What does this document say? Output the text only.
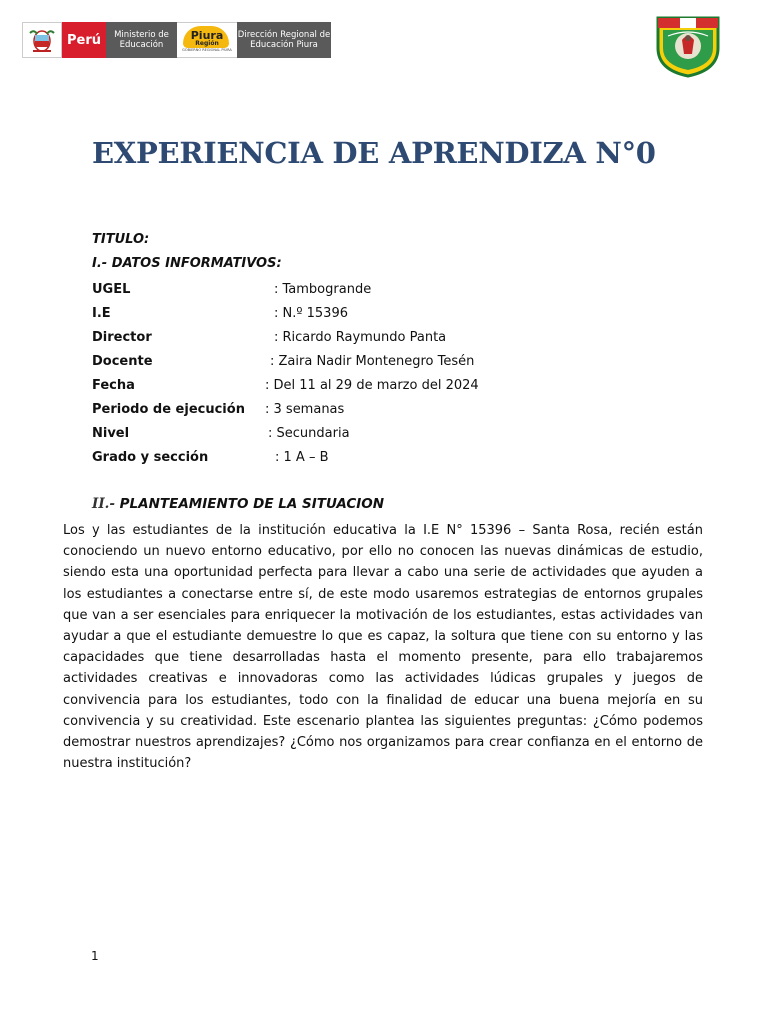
Perú	Ministerio de Educación
Piura
Región
GOBIERNO REGIONAL PIURA
Dirección Regional de Educación Piura
EXPERIENCIA DE APRENDIZA N°0
TITULO:
I.- DATOS INFORMATIVOS:
UGEL	: Tambogrande
I.E	: N.º 15396
Director	: Ricardo Raymundo Panta
Docente	: Zaira Nadir Montenegro Tesén
Fecha	: Del 11 al 29 de marzo del 2024
Periodo de ejecución : 3 semanas
Nivel	: Secundaria
Grado y sección	: 1 A – B
II.- PLANTEAMIENTO DE LA SITUACION

Los y las estudiantes de la institución educativa la I.E N° 15396 – Santa Rosa, recién están conociendo un nuevo entorno educativo, por ello no conocen las nuevas dinámicas de estudio, siendo esta una oportunidad perfecta para llevar a cabo una serie de actividades que ayuden a los estudiantes a conectarse entre sí, de este modo usaremos estrategias de entornos grupales que van a ser esenciales para enriquecer la motivación de los estudiantes, estas actividades van ayudar a que el estudiante demuestre lo que es capaz, la soltura que tiene con su entorno y las capacidades que tiene desarrolladas hasta el momento presente, para ello trabajaremos actividades creativas e innovadoras como las actividades lúdicas grupales y juegos de convivencia para los estudiantes, todo con la finalidad de educar una buena mejoría en su convivencia y su creatividad. Este escenario plantea las siguientes preguntas: ¿Cómo podemos demostrar nuestros aprendizajes? ¿Cómo nos organizamos para crear confianza en el entorno de nuestra institución?

1
